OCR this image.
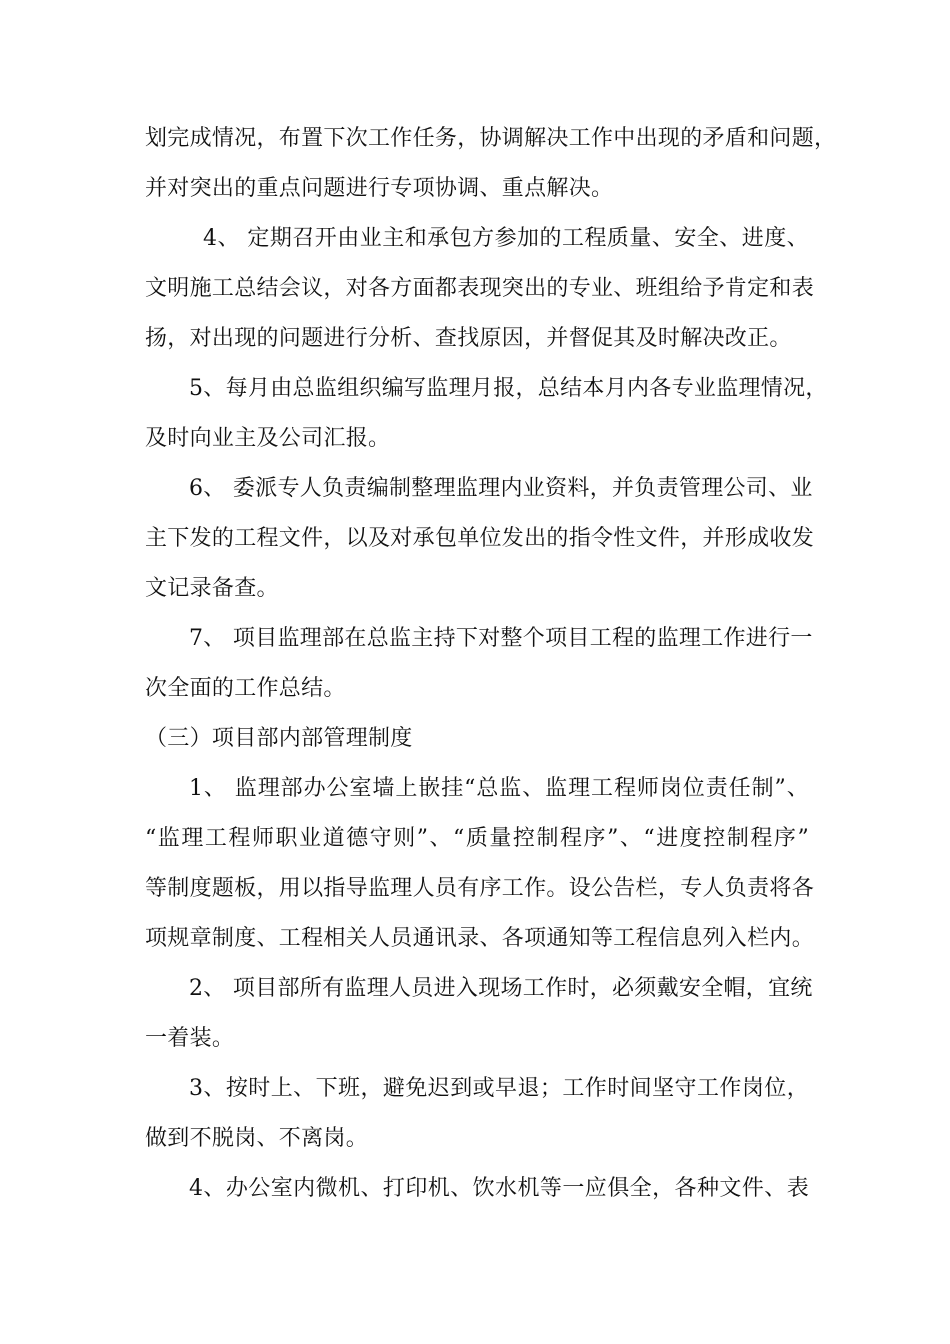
划完成情况，布置下次工作任务，协调解决工作中出现的矛盾和问题，
并对突出的重点问题进行专项协调、重点解决。
4、 定期召开由业主和承包方参加的工程质量、安全、进度、
文明施工总结会议，对各方面都表现突出的专业、班组给予肯定和表
扬，对出现的问题进行分析、查找原因，并督促其及时解决改正。
5、每月由总监组织编写监理月报，总结本月内各专业监理情况，
及时向业主及公司汇报。
6、 委派专人负责编制整理监理内业资料，并负责管理公司、业
主下发的工程文件，以及对承包单位发出的指令性文件，并形成收发
文记录备查。
7、 项目监理部在总监主持下对整个项目工程的监理工作进行一
次全面的工作总结。
（三）项目部内部管理制度
1、 监理部办公室墙上嵌挂“总监、监理工程师岗位责任制”、
“监理工程师职业道德守则”、“质量控制程序”、“进度控制程序”
等制度题板，用以指导监理人员有序工作。设公告栏，专人负责将各
项规章制度、工程相关人员通讯录、各项通知等工程信息列入栏内。
2、 项目部所有监理人员进入现场工作时，必须戴安全帽，宜统
一着装。
3、按时上、下班，避免迟到或早退；工作时间坚守工作岗位，
做到不脱岗、不离岗。
4、办公室内微机、打印机、饮水机等一应俱全，各种文件、表
